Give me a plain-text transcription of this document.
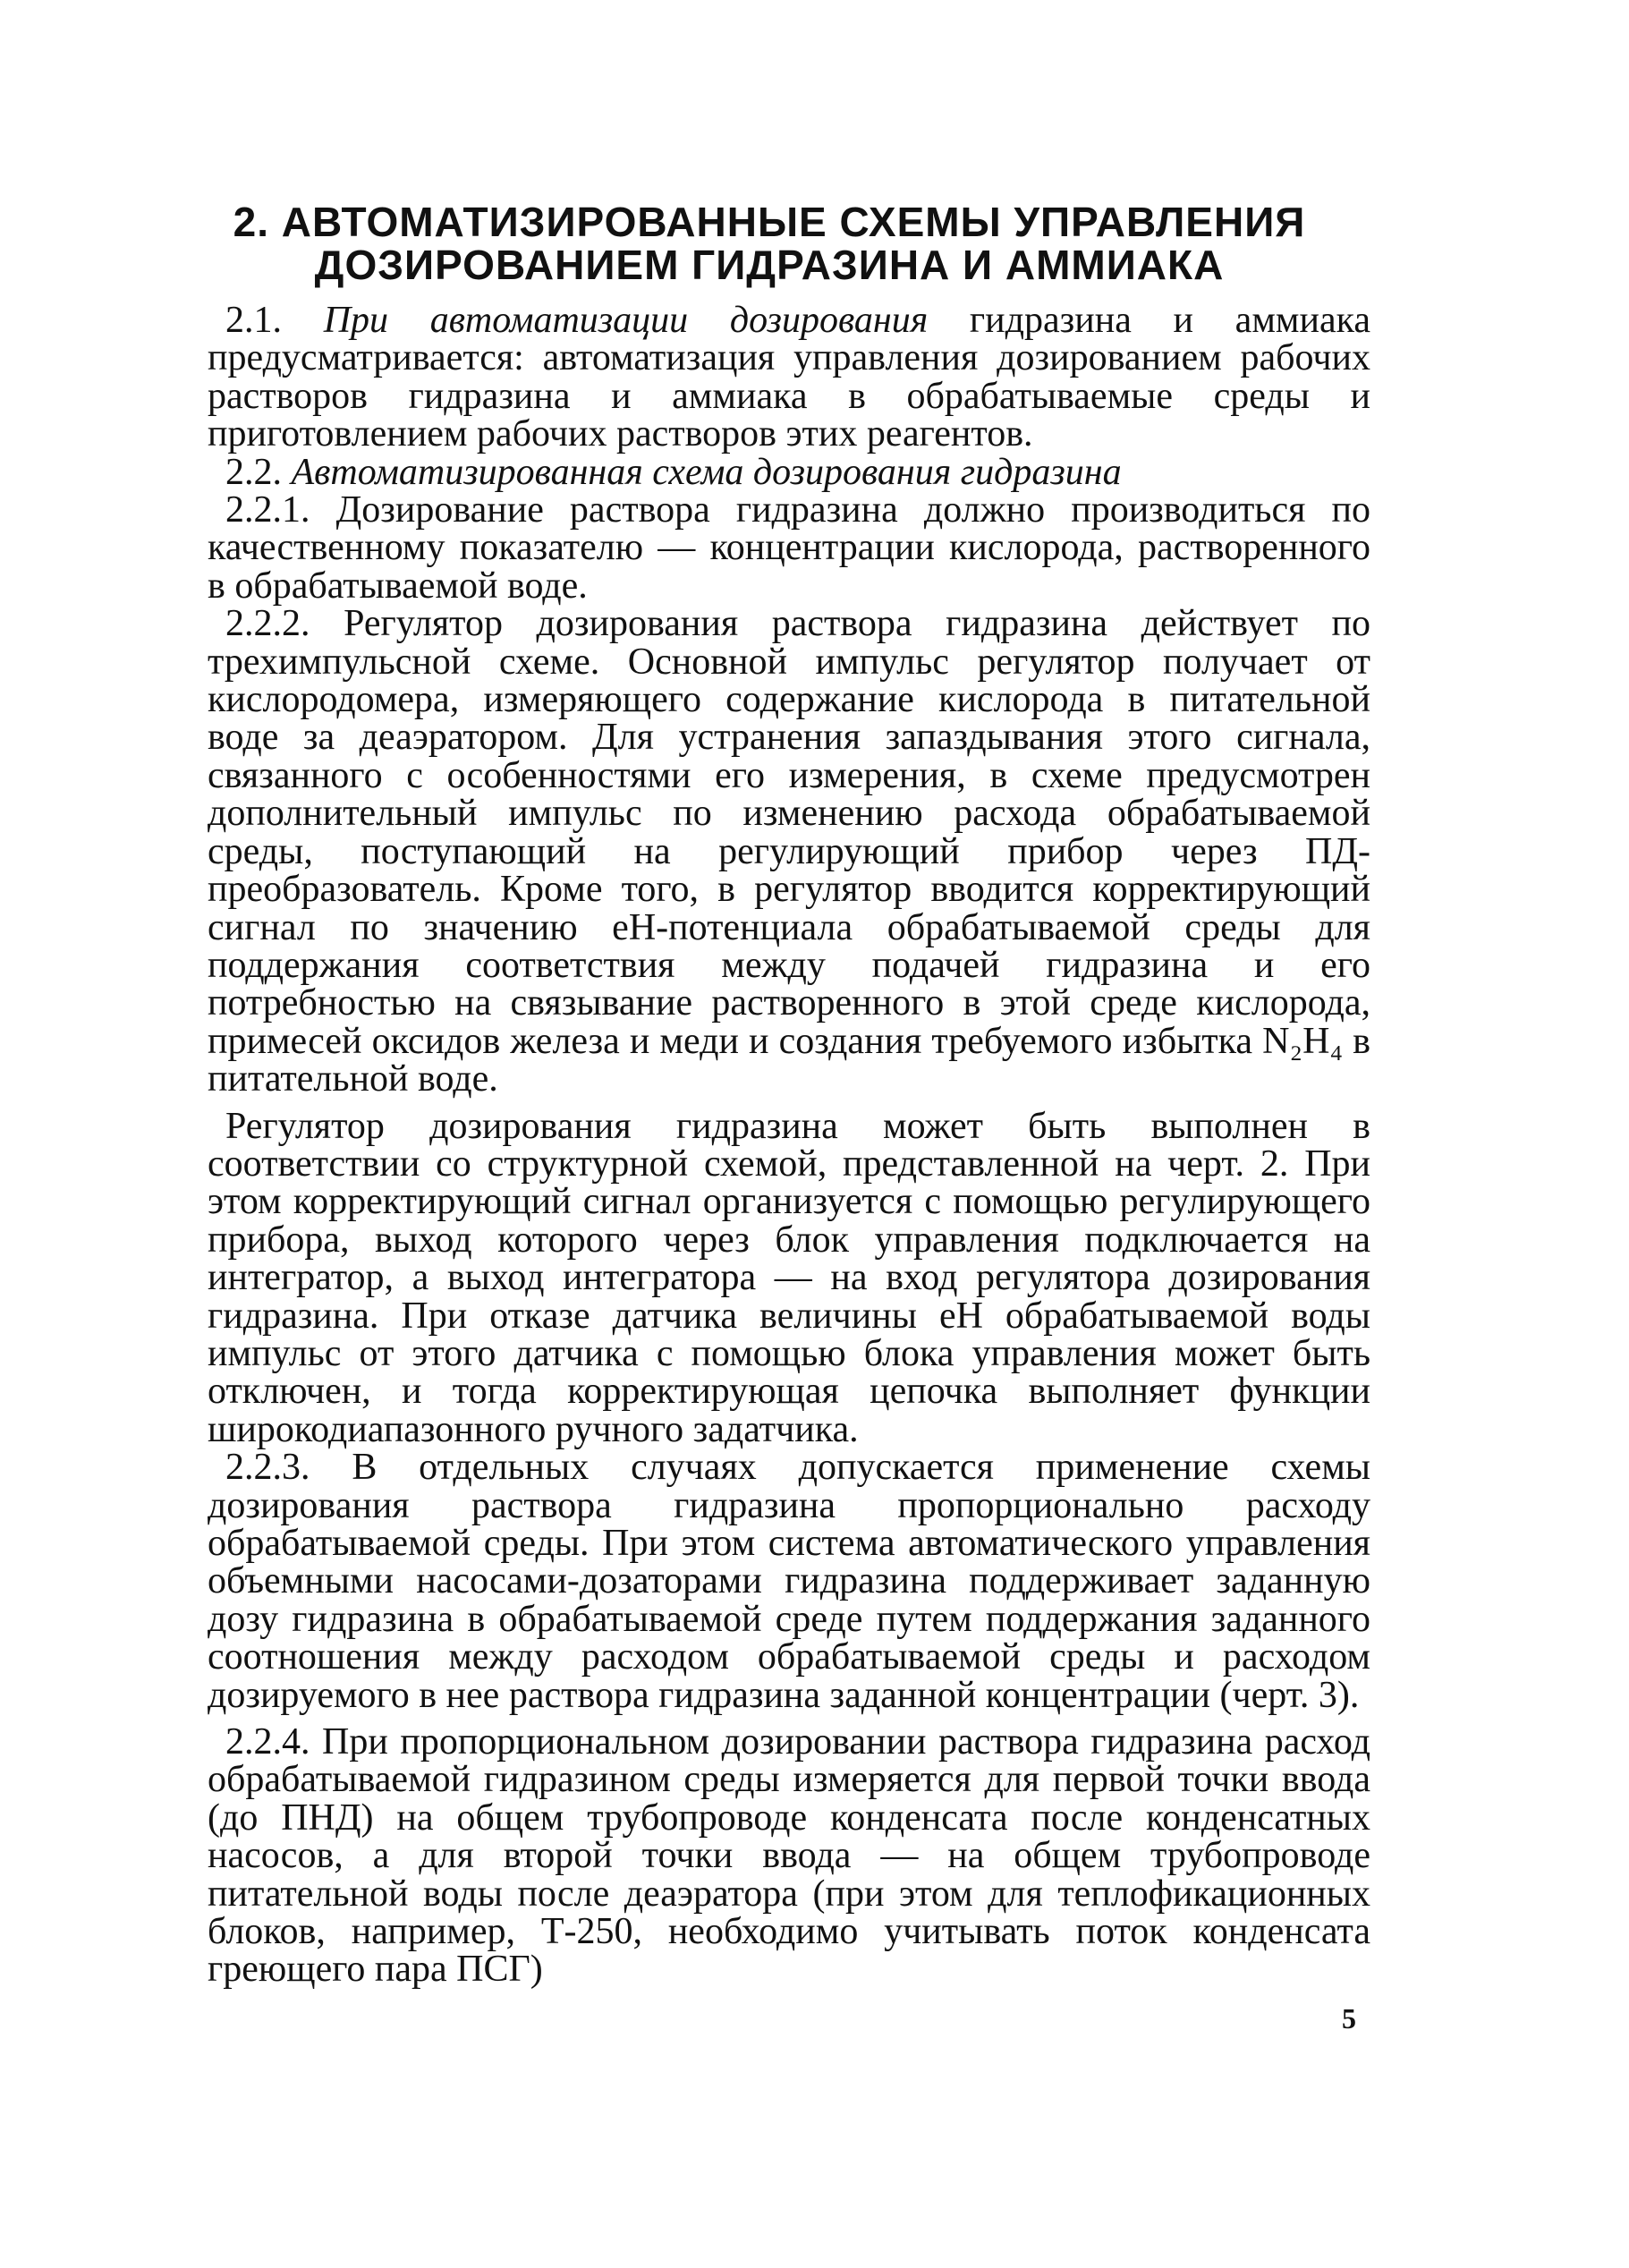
2. АВТОМАТИЗИРОВАННЫЕ СХЕМЫ УПРАВЛЕНИЯ
ДОЗИРОВАНИЕМ ГИДРАЗИНА И АММИАКА

2.1. При автоматизации дозирования гидразина и аммиака предусматривается: автоматизация управления дозированием рабочих растворов гидразина и аммиака в обрабатываемые среды и приготовлением рабочих растворов этих реагентов.

2.2. Автоматизированная схема дозирования гидразина

2.2.1. Дозирование раствора гидразина должно производиться по качественному показателю — концентрации кислорода, растворенного в обрабатываемой воде.

2.2.2. Регулятор дозирования раствора гидразина действует по трехимпульсной схеме. Основной импульс регулятор получает от кислородомера, измеряющего содержание кислорода в питательной воде за деаэратором. Для устранения запаздывания этого сигнала, связанного с особенностями его измерения, в схеме предусмотрен дополнительный импульс по изменению расхода обрабатываемой среды, поступающий на регулирующий прибор через ПД-преобразователь. Кроме того, в регулятор вводится корректирующий сигнал по значению eH-потенциала обрабатываемой среды для поддержания соответствия между подачей гидразина и его потребностью на связывание растворенного в этой среде кислорода, примесей оксидов железа и меди и создания требуемого избытка N₂H₄ в питательной воде.

Регулятор дозирования гидразина может быть выполнен в соответствии со структурной схемой, представленной на черт. 2. При этом корректирующий сигнал организуется с помощью регулирующего прибора, выход которого через блок управления подключается на интегратор, а выход интегратора — на вход регулятора дозирования гидразина. При отказе датчика величины eH обрабатываемой воды импульс от этого датчика с помощью блока управления может быть отключен, и тогда корректирующая цепочка выполняет функции широкодиапазонного ручного задатчика.

2.2.3. В отдельных случаях допускается применение схемы дозирования раствора гидразина пропорционально расходу обрабатываемой среды. При этом система автоматического управления объемными насосами-дозаторами гидразина поддерживает заданную дозу гидразина в обрабатываемой среде путем поддержания заданного соотношения между расходом обрабатываемой среды и расходом дозируемого в нее раствора гидразина заданной концентрации (черт. 3).

2.2.4. При пропорциональном дозировании раствора гидразина расход обрабатываемой гидразином среды измеряется для первой точки ввода (до ПНД) на общем трубопроводе конденсата после конденсатных насосов, а для второй точки ввода — на общем трубопроводе питательной воды после деаэратора (при этом для теплофикационных блоков, например, Т-250, необходимо учитывать поток конденсата греющего пара ПСГ)

5
